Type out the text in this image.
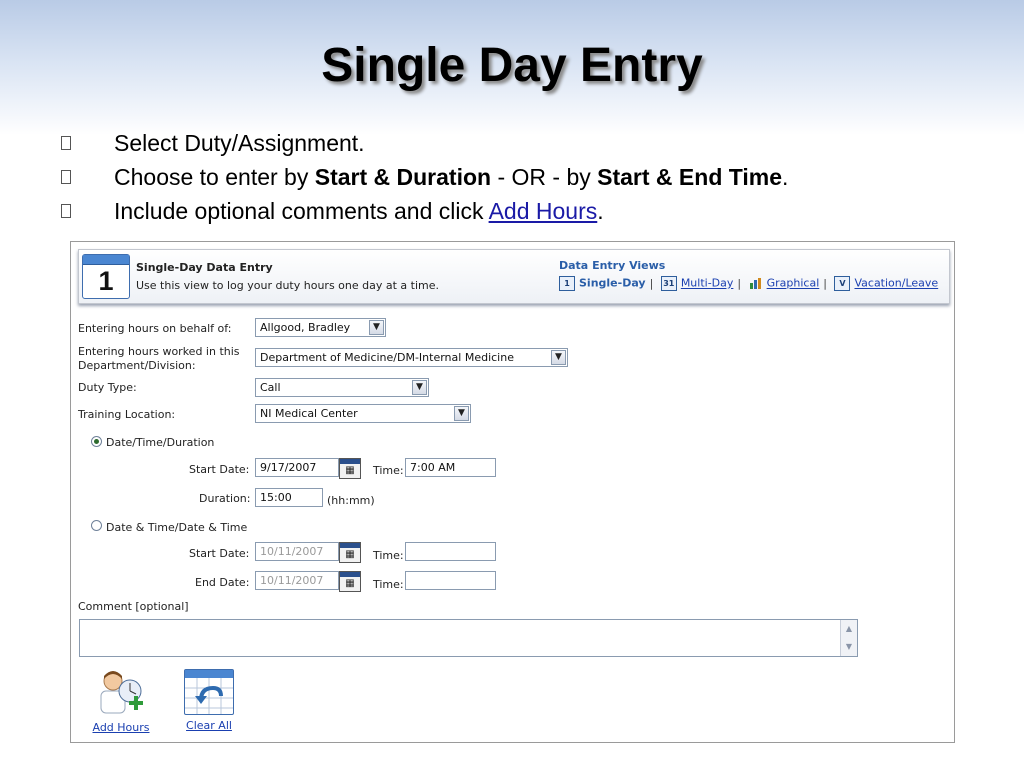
Single Day Entry
Select Duty/Assignment.
Choose to enter by Start & Duration - OR - by Start & End Time.
Include optional comments and click Add Hours.
1	Single-Day Data Entry
Use this view to log your duty hours one day at a time.
Data Entry Views
1 Single-Day | 31 Multi-Day | Graphical | V Vacation/Leave
Entering hours on behalf of:	Allgood, Bradley	▼
Entering hours worked in this
Department/Division:
Department of Medicine/DM-Internal Medicine	▼
Duty Type:	Call	▼
Training Location:	NI Medical Center	▼
Date/Time/Duration
Start Date: 9/17/2007	▦	Time: 7:00 AM
Duration: 15:00	(hh:mm)
Date & Time/Date & Time
Start Date: 10/11/2007	▦	Time:
End Date: 10/11/2007	▦	Time:
Comment [optional]
▲
▼
Add Hours	Clear All
